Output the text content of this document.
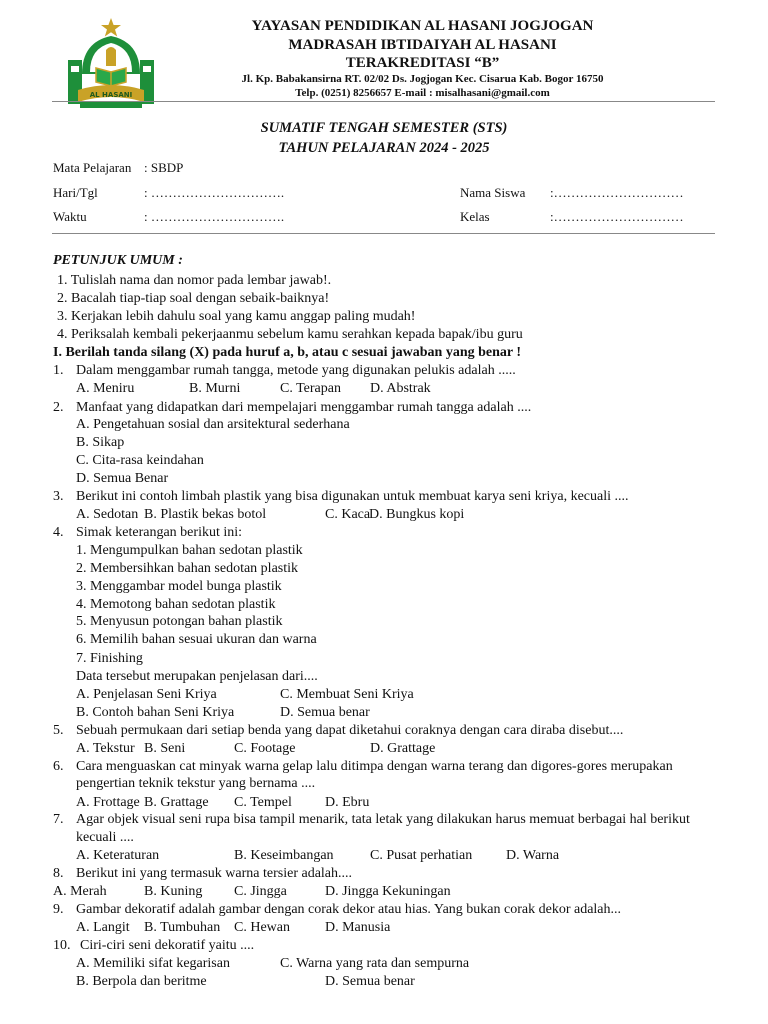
AL HASANI
YAYASAN PENDIDIKAN AL HASANI JOGJOGAN
MADRASAH IBTIDAIYAH AL HASANI
TERAKREDITASI “B”
Jl. Kp. Babakansirna RT. 02/02 Ds. Jogjogan Kec. Cisarua Kab. Bogor 16750
Telp. (0251) 8256657 E-mail : misalhasani@gmail.com
SUMATIF TENGAH SEMESTER (STS)
TAHUN PELAJARAN 2024 - 2025
Mata Pelajaran : SBDP
Hari/Tgl	: ………………………….
Waktu	: ………………………….
Nama Siswa :…………………………
Kelas	:…………………………
PETUNJUK UMUM :
1. Tulislah nama dan nomor pada lembar jawab!.
2. Bacalah tiap-tiap soal dengan sebaik-baiknya!
3. Kerjakan lebih dahulu soal yang kamu anggap paling mudah!
4. Periksalah kembali pekerjaanmu sebelum kamu serahkan kepada bapak/ibu guru
I. Berilah tanda silang (X) pada huruf a, b, atau c sesuai jawaban yang benar !
1. Dalam menggambar rumah tangga, metode yang digunakan pelukis adalah .....
A. Meniru	B. Murni	C. Terapan D. Abstrak
2. Manfaat yang didapatkan dari mempelajari menggambar rumah tangga adalah ....
A. Pengetahuan sosial dan arsitektural sederhana
B. Sikap
C. Cita-rasa keindahan
D. Semua Benar
3. Berikut ini contoh limbah plastik yang bisa digunakan untuk membuat karya seni kriya, kecuali ....
A. Sedotan B. Plastik bekas botol	C. Kaca
D. Bungkus kopi
4. Simak keterangan berikut ini:
1. Mengumpulkan bahan sedotan plastik
2. Membersihkan bahan sedotan plastik
3. Menggambar model bunga plastik
4. Memotong bahan sedotan plastik
5. Menyusun potongan bahan plastik
6. Memilih bahan sesuai ukuran dan warna
7. Finishing
Data tersebut merupakan penjelasan dari....
A. Penjelasan Seni Kriya	C. Membuat Seni Kriya
B. Contoh bahan Seni Kriya	D. Semua benar
5. Sebuah permukaan dari setiap benda yang dapat diketahui coraknya dengan cara diraba disebut....
A. Tekstur B. Seni	C. Footage	D. Grattage
6. Cara menguaskan cat minyak warna gelap lalu ditimpa dengan warna terang dan digores-gores merupakan
pengertian teknik tekstur yang bernama ....
A. Frottage B. Grattage C. Tempel D. Ebru
7. Agar objek visual seni rupa bisa tampil menarik, tata letak yang dilakukan harus memuat berbagai hal berikut
kecuali ....
A. Keteraturan	B. Keseimbangan	C. Pusat perhatian D. Warna
8. Berikut ini yang termasuk warna tersier adalah....
A. Merah	B. Kuning C. Jingga	D. Jingga Kekuningan
9. Gambar dekoratif adalah gambar dengan corak dekor atau hias. Yang bukan corak dekor adalah...
A. Langit B. Tumbuhan C. Hewan	D. Manusia
10. Ciri-ciri seni dekoratif yaitu ....
A. Memiliki sifat kegarisan	C. Warna yang rata dan sempurna
B. Berpola dan beritme	D. Semua benar
